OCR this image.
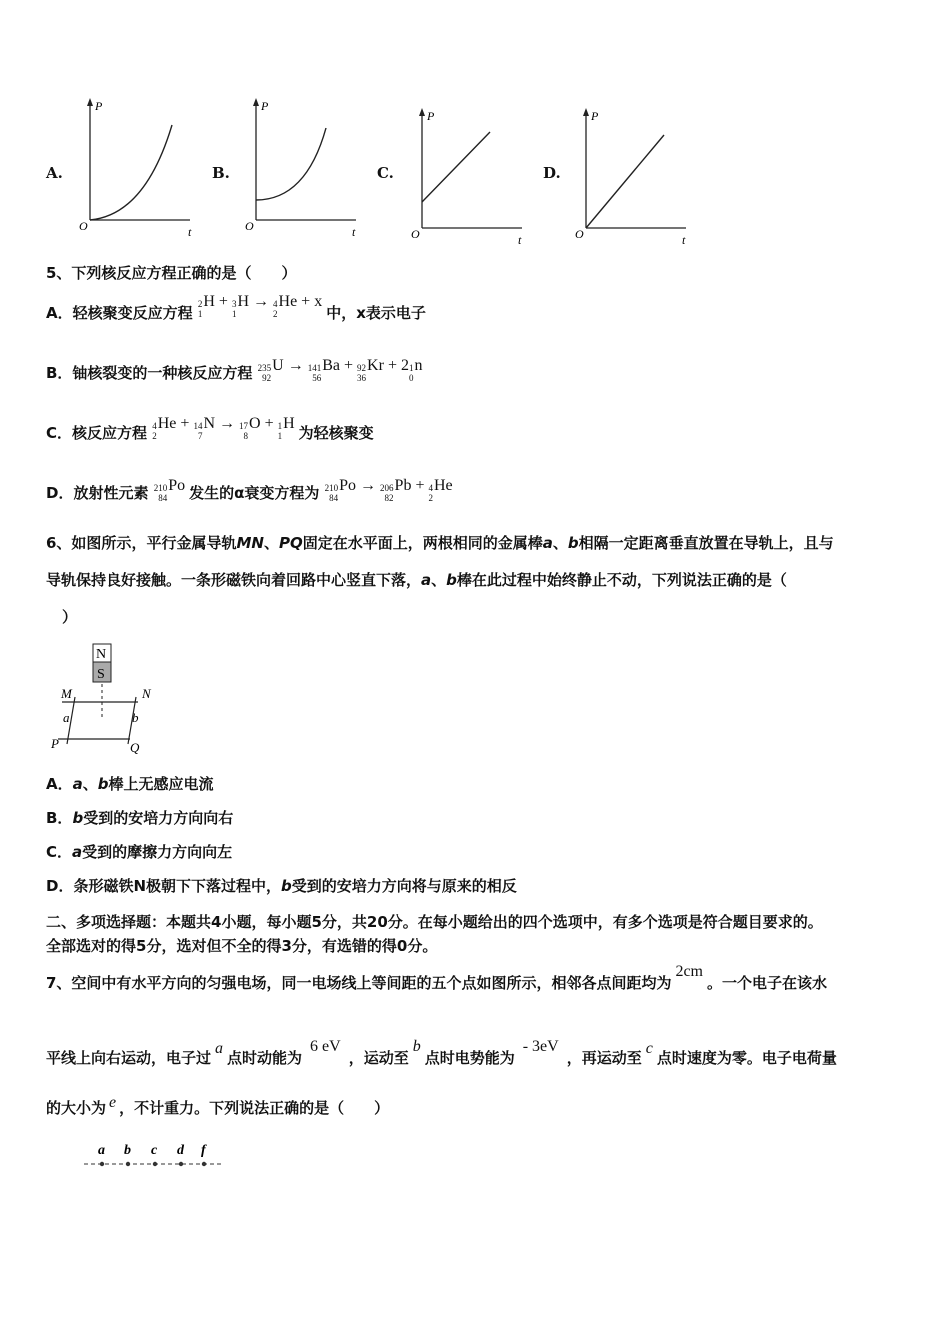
A.	B.	C.	D.
P
O	t
P
O	t
P
O	t
P
O	t
5、下列核反应方程正确的是（　　）
A．轻核聚变反应方程 2
1
H + 3
1
H → 4
2
He + x 中，x表示电子
B．铀核裂变的一种核反应方程 235
92
U → 141
56
Ba + 92
36
Kr + 2 1
0
n
C．核反应方程 4
2
He + 14
7
N → 17
8
O + 1
1
H 为轻核聚变
D．放射性元素 210
84
Po 发生的α衰变方程为 210
84
Po → 206
82
Pb + 4
2
He
6、如图所示，平行金属导轨MN、PQ固定在水平面上，两根相同的金属棒a、b相隔一定距离垂直放置在导轨上，且与
导轨保持良好接触。一条形磁铁向着回路中心竖直下落，a、b棒在此过程中始终静止不动，下列说法正确的是（
）
N
S
M	N
a	b
P	Q
A．a、b棒上无感应电流
B．b受到的安培力方向向右
C．a受到的摩擦力方向向左
D．条形磁铁N极朝下下落过程中，b受到的安培力方向将与原来的相反
二、多项选择题：本题共4小题，每小题5分，共20分。在每小题给出的四个选项中，有多个选项是符合题目要求的。
全部选对的得5分，选对但不全的得3分，有选错的得0分。
7、空间中有水平方向的匀强电场，同一电场线上等间距的五个点如图所示，相邻各点间距均为2cm。一个电子在该水
平线上向右运动，电子过a点时动能为6 eV，运动至b点时电势能为- 3eV，再运动至c点时速度为零。电子电荷量
的大小为 e ，不计重力。下列说法正确的是（　　）
a b c d f
